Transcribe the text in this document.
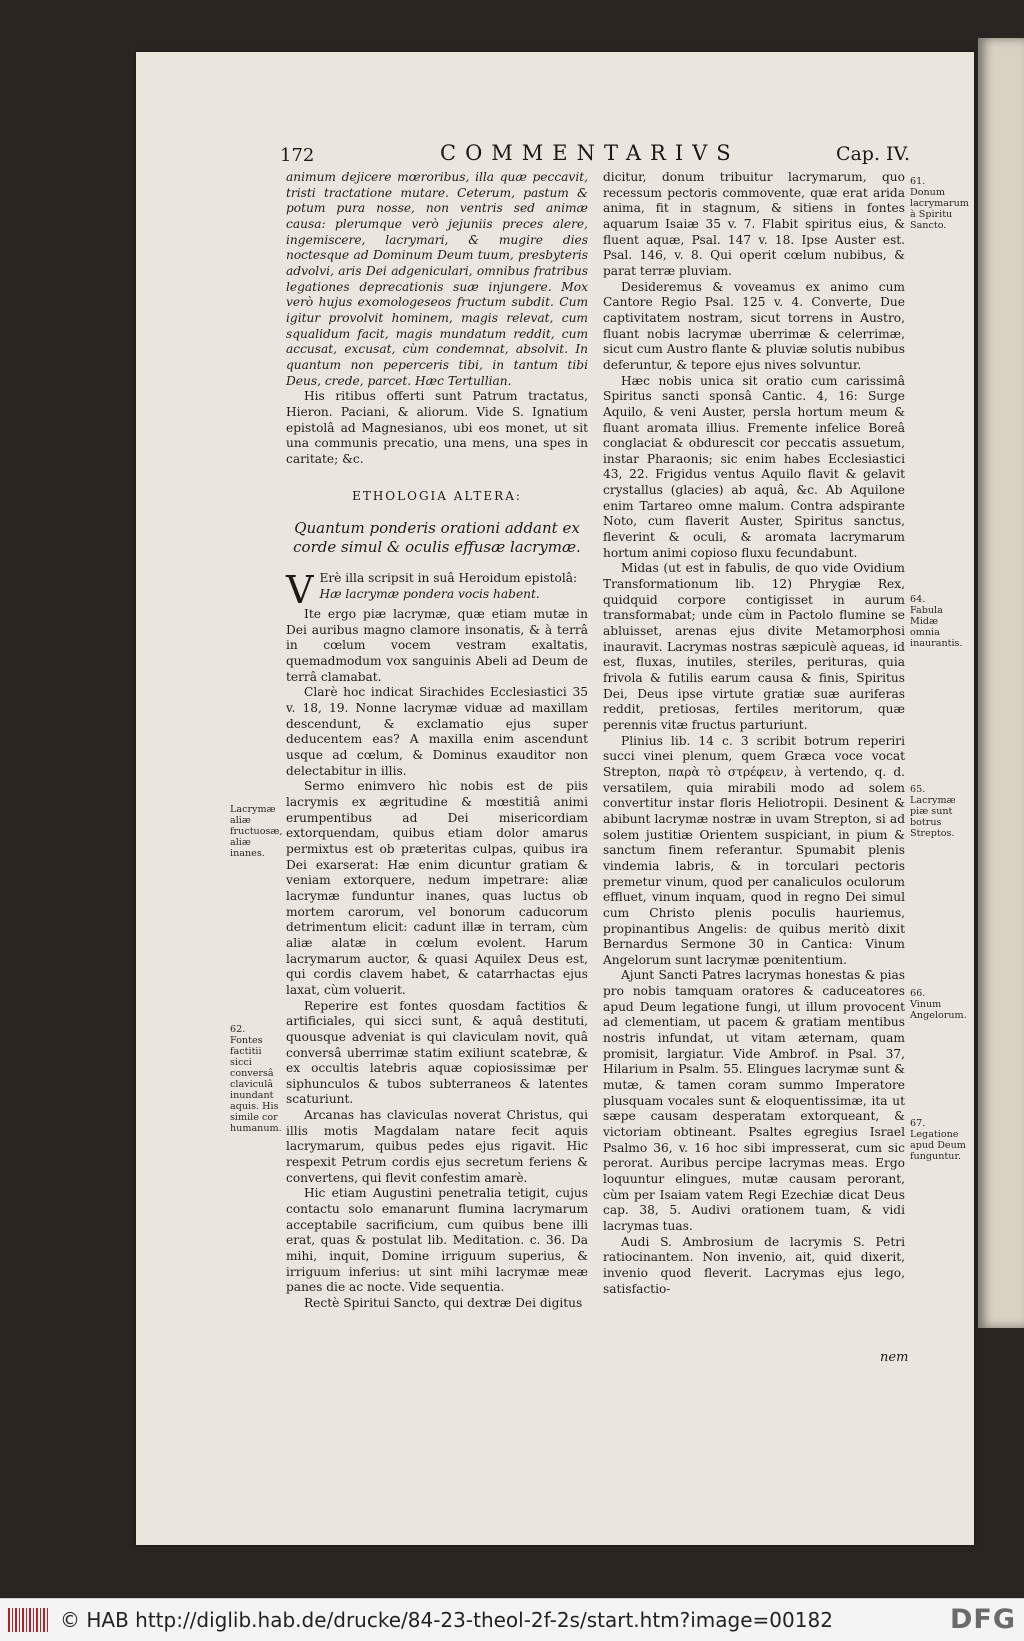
172	COMMENTARIVS	Cap. IV.

animum dejicere mœroribus, illa quæ peccavit, tristi tractatione mutare. Ceterum, pastum & potum pura nosse, non ventris sed animæ causa: plerumque verò jejuniis preces alere, ingemiscere, lacrymari, & mugire dies noctesque ad Dominum Deum tuum, presbyteris advolvi, aris Dei adgeniculari, omnibus fratribus legationes deprecationis suæ injungere. Mox verò hujus exomologeseos fructum subdit. Cum igitur provolvit hominem, magis relevat, cum squalidum facit, magis mundatum reddit, cum accusat, excusat, cùm condemnat, absolvit. In quantum non peperceris tibi, in tantum tibi Deus, crede, parcet. Hæc Tertullian.

His ritibus offerti sunt Patrum tractatus, Hieron. Paciani, & aliorum. Vide S. Ignatium epistolâ ad Magnesianos, ubi eos monet, ut sit una communis precatio, una mens, una spes in caritate; &c.

ETHOLOGIA ALTERA:

Quantum ponderis orationi addant ex corde simul & oculis effusæ lacrymæ.

V Erè illa scripsit in suâ Heroidum epistolâ:
Hæ lacrymæ pondera vocis habent.

Ite ergo piæ lacrymæ, quæ etiam mutæ in Dei auribus magno clamore insonatis, & à terrâ in cœlum vocem vestram exaltatis, quemadmodum vox sanguinis Abeli ad Deum de terrâ clamabat.

Clarè hoc indicat Sirachides Ecclesiastici 35 v. 18, 19. Nonne lacrymæ viduæ ad maxillam descendunt, & exclamatio ejus super deducentem eas? A maxilla enim ascendunt usque ad cœlum, & Dominus exauditor non delectabitur in illis.

Sermo enimvero hìc nobis est de piis lacrymis ex ægritudine & mœstitiâ animi erumpentibus ad Dei misericordiam extorquendam, quibus etiam dolor amarus permixtus est ob præteritas culpas, quibus ira Dei exarserat: Hæ enim dicuntur gratiam & veniam extorquere, nedum impetrare: aliæ lacrymæ funduntur inanes, quas luctus ob mortem carorum, vel bonorum caducorum detrimentum elicit: cadunt illæ in terram, cùm aliæ alatæ in cœlum evolent. Harum lacrymarum auctor, & quasi Aquilex Deus est, qui cordis clavem habet, & catarrhactas ejus laxat, cùm voluerit.

Reperire est fontes quosdam factitios & artificiales, qui sicci sunt, & aquâ destituti, quousque adveniat is qui claviculam novit, quâ conversâ uberrimæ statim exiliunt scatebræ, & ex occultis latebris aquæ copiosissimæ per siphunculos & tubos subterraneos & latentes scaturiunt.

Arcanas has claviculas noverat Christus, qui illis motis Magdalam natare fecit aquis lacrymarum, quibus pedes ejus rigavit. Hic respexit Petrum cordis ejus secretum feriens & convertens, qui flevit confestim amarè.

Hic etiam Augustini penetralia tetigit, cujus contactu solo emanarunt flumina lacrymarum acceptabile sacrificium, cum quibus bene illi erat, quas & postulat lib. Meditation. c. 36. Da mihi, inquit, Domine irriguum superius, & irriguum inferius: ut sint mihi lacrymæ meæ panes die ac nocte. Vide sequentia.

Rectè Spiritui Sancto, qui dextræ Dei digitus

dicitur, donum tribuitur lacrymarum, quo recessum pectoris commovente, quæ erat arida anima, fit in stagnum, & sitiens in fontes aquarum Isaiæ 35 v. 7. Flabit spiritus eius, & fluent aquæ, Psal. 147 v. 18. Ipse Auster est. Psal. 146, v. 8. Qui operit cœlum nubibus, & parat terræ pluviam.

Desideremus & voveamus ex animo cum Cantore Regio Psal. 125 v. 4. Converte, Due captivitatem nostram, sicut torrens in Austro, fluant nobis lacrymæ uberrimæ & celerrimæ, sicut cum Austro flante & pluviæ solutis nubibus deferuntur, & tepore ejus nives solvuntur.

Hæc nobis unica sit oratio cum carissimâ Spiritus sancti sponsâ Cantic. 4, 16: Surge Aquilo, & veni Auster, persla hortum meum & fluant aromata illius. Fremente infelice Boreâ conglaciat & obdurescit cor peccatis assuetum, instar Pharaonis; sic enim habes Ecclesiastici 43, 22. Frigidus ventus Aquilo flavit & gelavit crystallus (glacies) ab aquâ, &c. Ab Aquilone enim Tartareo omne malum. Contra adspirante Noto, cum flaverit Auster, Spiritus sanctus, fleverint & oculi, & aromata lacrymarum hortum animi copioso fluxu fecundabunt.

Midas (ut est in fabulis, de quo vide Ovidium Transformationum lib. 12) Phrygiæ Rex, quidquid corpore contigisset in aurum transformabat; unde cùm in Pactolo flumine se abluisset, arenas ejus divite Metamorphosi inauravit. Lacrymas nostras sæpiculè aqueas, id est, fluxas, inutiles, steriles, perituras, quia frivola & futilis earum causa & finis, Spiritus Dei, Deus ipse virtute gratiæ suæ auriferas reddit, pretiosas, fertiles meritorum, quæ perennis vitæ fructus parturiunt.

Plinius lib. 14 c. 3 scribit botrum reperiri succi vinei plenum, quem Græca voce vocat Strepton, παρὰ τὸ στρέφειν, à vertendo, q. d. versatilem, quia mirabili modo ad solem convertitur instar floris Heliotropii. Desinent & abibunt lacrymæ nostræ in uvam Strepton, si ad solem justitiæ Orientem suspiciant, in pium & sanctum finem referantur. Spumabit plenis vindemia labris, & in torculari pectoris premetur vinum, quod per canaliculos oculorum effluet, vinum inquam, quod in regno Dei simul cum Christo plenis poculis hauriemus, propinantibus Angelis: de quibus meritò dixit Bernardus Sermone 30 in Cantica: Vinum Angelorum sunt lacrymæ pœnitentium.

Ajunt Sancti Patres lacrymas honestas & pias pro nobis tamquam oratores & caduceatores apud Deum legatione fungi, ut illum provocent ad clementiam, ut pacem & gratiam mentibus nostris infundat, ut vitam æternam, quam promisit, largiatur. Vide Ambrof. in Psal. 37, Hilarium in Psalm. 55. Elingues lacrymæ sunt & mutæ, & tamen coram summo Imperatore plusquam vocales sunt & eloquentissimæ, ita ut sæpe causam desperatam extorqueant, & victoriam obtineant. Psaltes egregius Israel Psalmo 36, v. 16 hoc sibi impresserat, cum sic perorat. Auribus percipe lacrymas meas. Ergo loquuntur elingues, mutæ causam perorant, cùm per Isaiam vatem Regi Ezechiæ dicat Deus cap. 38, 5. Audivi orationem tuam, & vidi lacrymas tuas.

Audi S. Ambrosium de lacrymis S. Petri ratiocinantem. Non invenio, ait, quid dixerit, invenio quod fleverit. Lacrymas ejus lego, satisfactio-

61.
Donum lacrymarum à Spiritu Sancto.
64.
Fabula Midæ omnia inaurantis.
65.
Lacrymæ piæ sunt botrus Streptos.
66.
Vinum Angelorum.
67.
Legatione apud Deum funguntur.
Lacrymæ aliæ fructuosæ, aliæ inanes.
62.
Fontes factitii sicci conversâ claviculâ inundant aquis. His simile cor humanum.
nem
© HAB http://diglib.hab.de/drucke/84-23-theol-2f-2s/start.htm?image=00182	DFG
